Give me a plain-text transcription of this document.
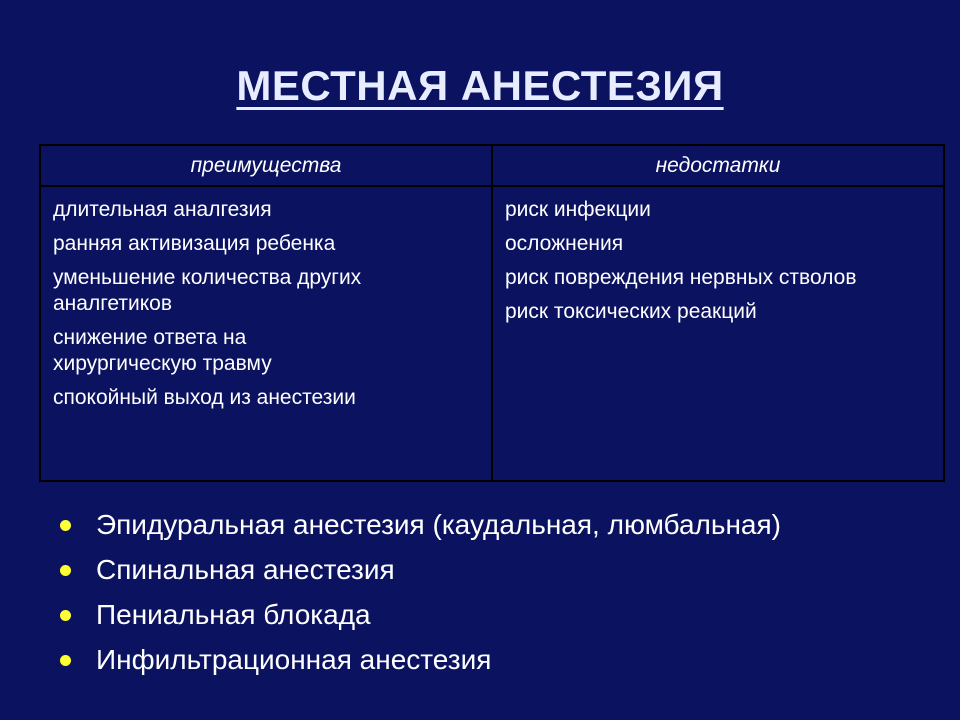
МЕСТНАЯ АНЕСТЕЗИЯ
преимущества	недостатки
длительная аналгезия
ранняя активизация ребенка
уменьшение количества других аналгетиков
снижение ответа на хирургическую травму
спокойный выход из анестезии
риск инфекции
осложнения
риск повреждения нервных стволов
риск токсических реакций
Эпидуральная анестезия (каудальная, люмбальная)
Спинальная анестезия
Пениальная блокада
Инфильтрационная анестезия
